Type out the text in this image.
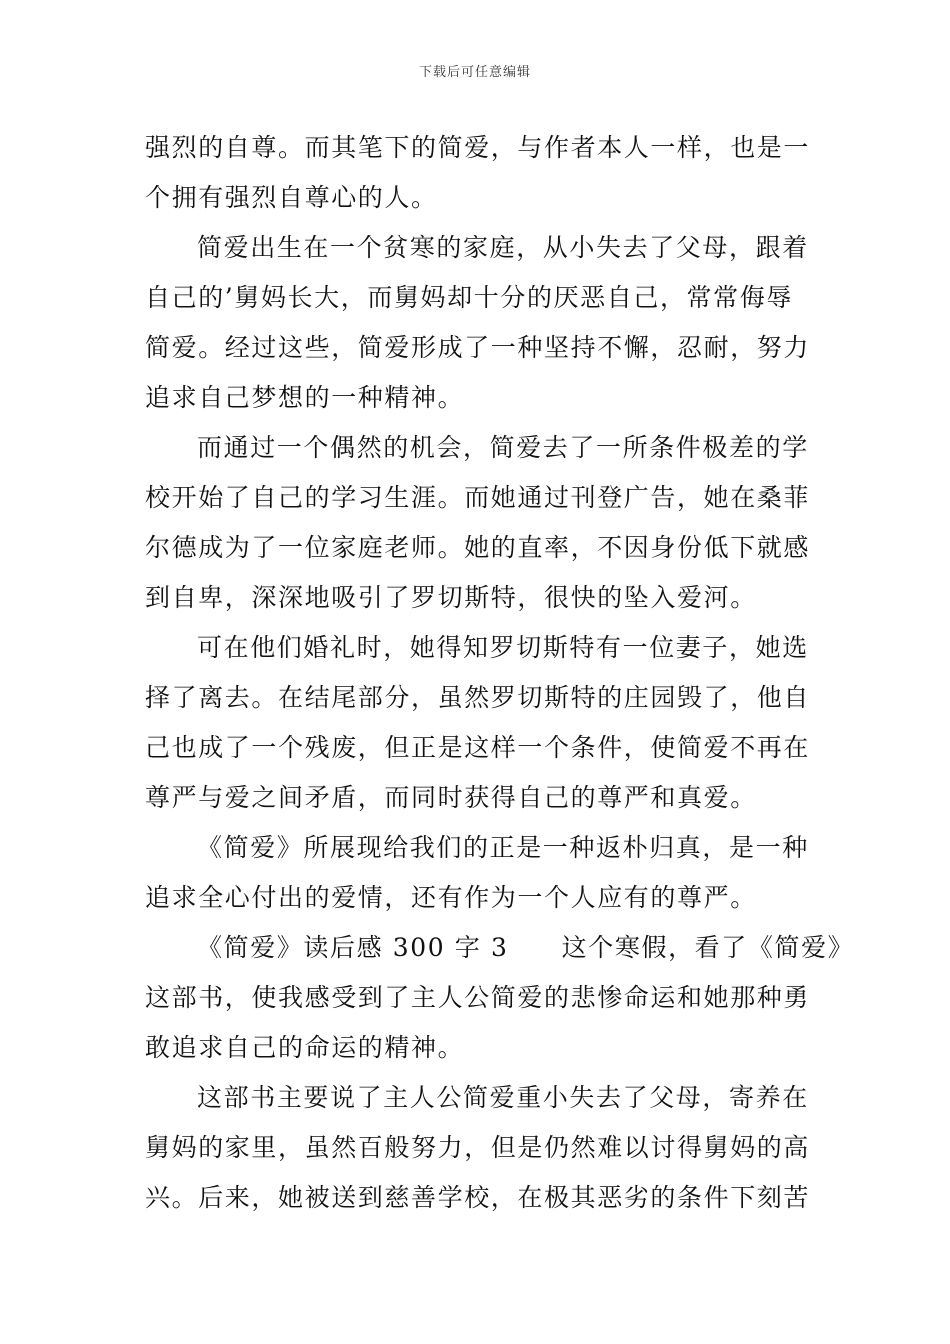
下载后可任意编辑

强烈的自尊。而其笔下的简爱，与作者本人一样，也是一

个拥有强烈自尊心的人。

简爱出生在一个贫寒的家庭，从小失去了父母，跟着

自己的’舅妈长大，而舅妈却十分的厌恶自己，常常侮辱

简爱。经过这些，简爱形成了一种坚持不懈，忍耐，努力

追求自己梦想的一种精神。

而通过一个偶然的机会，简爱去了一所条件极差的学

校开始了自己的学习生涯。而她通过刊登广告，她在桑菲

尔德成为了一位家庭老师。她的直率，不因身份低下就感

到自卑，深深地吸引了罗切斯特，很快的坠入爱河。

可在他们婚礼时，她得知罗切斯特有一位妻子，她选

择了离去。在结尾部分，虽然罗切斯特的庄园毁了，他自

己也成了一个残废，但正是这样一个条件，使简爱不再在

尊严与爱之间矛盾，而同时获得自己的尊严和真爱。

《简爱》所展现给我们的正是一种返朴归真，是一种

追求全心付出的爱情，还有作为一个人应有的尊严。

《简爱》读后感 300 字 3　　这个寒假，看了《简爱》

这部书，使我感受到了主人公简爱的悲惨命运和她那种勇

敢追求自己的命运的精神。

这部书主要说了主人公简爱重小失去了父母，寄养在

舅妈的家里，虽然百般努力，但是仍然难以讨得舅妈的高

兴。后来，她被送到慈善学校，在极其恶劣的条件下刻苦
